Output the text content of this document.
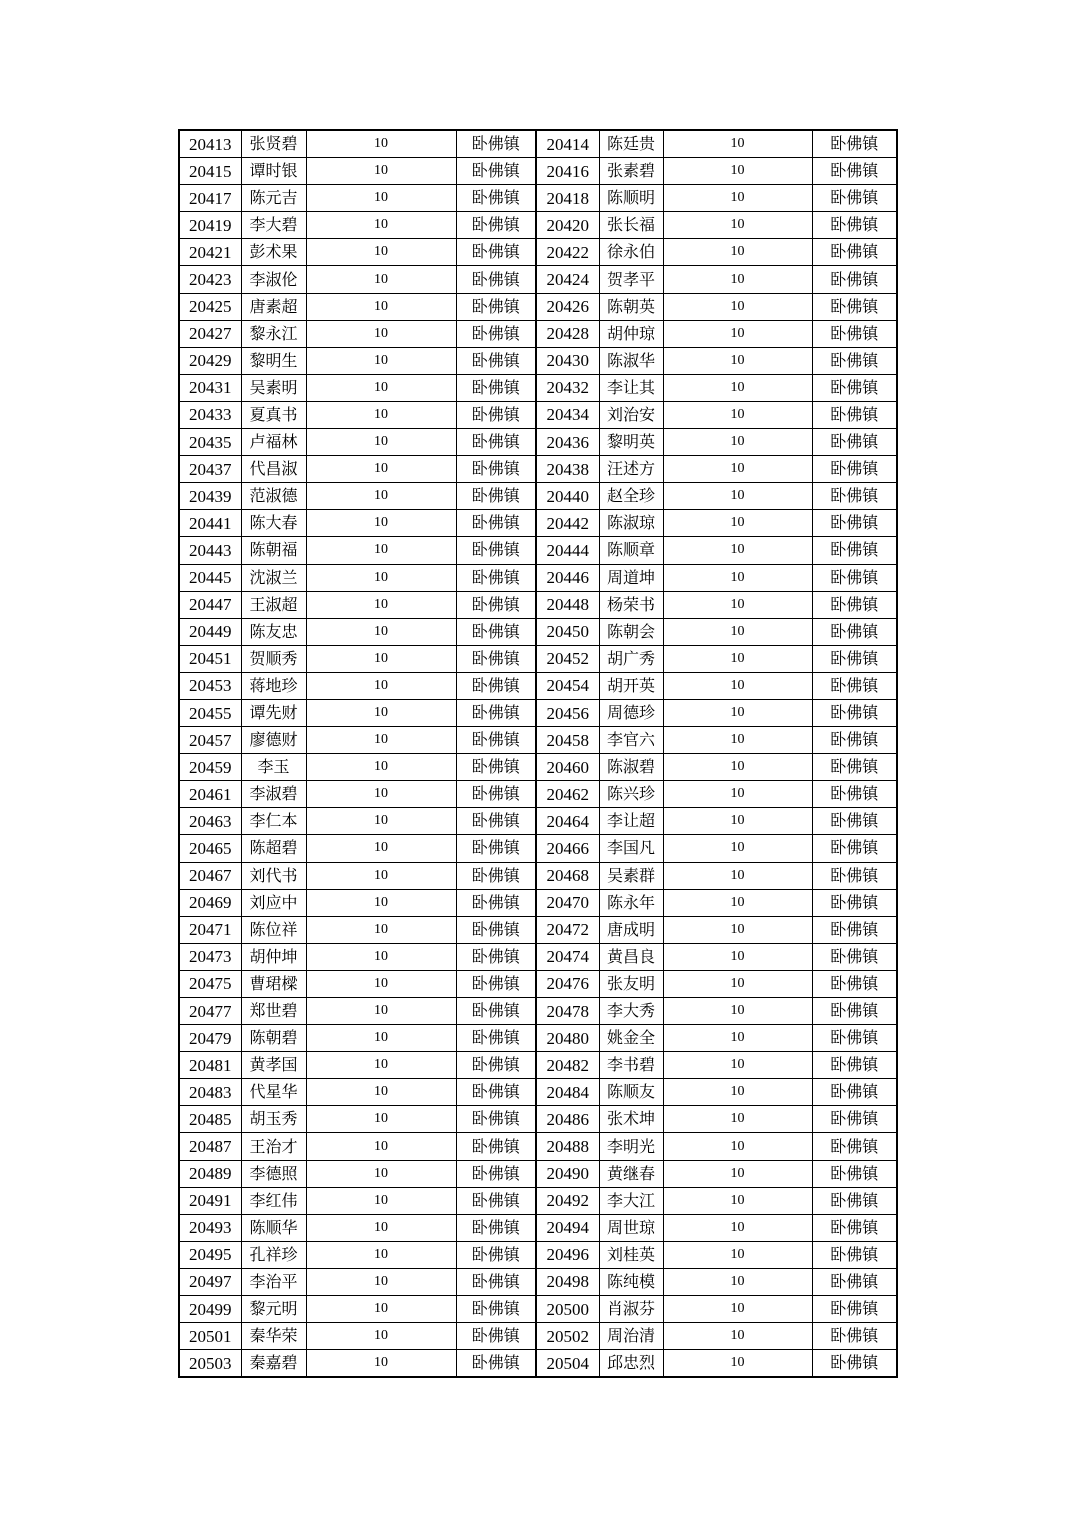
20413	张贤碧	10	卧佛镇	20414	陈廷贵	10	卧佛镇
20415	谭时银	10	卧佛镇	20416	张素碧	10	卧佛镇
20417	陈元吉	10	卧佛镇	20418	陈顺明	10	卧佛镇
20419	李大碧	10	卧佛镇	20420	张长福	10	卧佛镇
20421	彭术果	10	卧佛镇	20422	徐永伯	10	卧佛镇
20423	李淑伦	10	卧佛镇	20424	贺孝平	10	卧佛镇
20425	唐素超	10	卧佛镇	20426	陈朝英	10	卧佛镇
20427	黎永江	10	卧佛镇	20428	胡仲琼	10	卧佛镇
20429	黎明生	10	卧佛镇	20430	陈淑华	10	卧佛镇
20431	吴素明	10	卧佛镇	20432	李让其	10	卧佛镇
20433	夏真书	10	卧佛镇	20434	刘治安	10	卧佛镇
20435	卢福林	10	卧佛镇	20436	黎明英	10	卧佛镇
20437	代昌淑	10	卧佛镇	20438	汪述方	10	卧佛镇
20439	范淑德	10	卧佛镇	20440	赵全珍	10	卧佛镇
20441	陈大春	10	卧佛镇	20442	陈淑琼	10	卧佛镇
20443	陈朝福	10	卧佛镇	20444	陈顺章	10	卧佛镇
20445	沈淑兰	10	卧佛镇	20446	周道坤	10	卧佛镇
20447	王淑超	10	卧佛镇	20448	杨荣书	10	卧佛镇
20449	陈友忠	10	卧佛镇	20450	陈朝会	10	卧佛镇
20451	贺顺秀	10	卧佛镇	20452	胡广秀	10	卧佛镇
20453	蒋地珍	10	卧佛镇	20454	胡开英	10	卧佛镇
20455	谭先财	10	卧佛镇	20456	周德珍	10	卧佛镇
20457	廖德财	10	卧佛镇	20458	李官六	10	卧佛镇
20459	李玉	10	卧佛镇	20460	陈淑碧	10	卧佛镇
20461	李淑碧	10	卧佛镇	20462	陈兴珍	10	卧佛镇
20463	李仁本	10	卧佛镇	20464	李让超	10	卧佛镇
20465	陈超碧	10	卧佛镇	20466	李国凡	10	卧佛镇
20467	刘代书	10	卧佛镇	20468	吴素群	10	卧佛镇
20469	刘应中	10	卧佛镇	20470	陈永年	10	卧佛镇
20471	陈位祥	10	卧佛镇	20472	唐成明	10	卧佛镇
20473	胡仲坤	10	卧佛镇	20474	黄昌良	10	卧佛镇
20475	曹珺樑	10	卧佛镇	20476	张友明	10	卧佛镇
20477	郑世碧	10	卧佛镇	20478	李大秀	10	卧佛镇
20479	陈朝碧	10	卧佛镇	20480	姚金全	10	卧佛镇
20481	黄孝国	10	卧佛镇	20482	李书碧	10	卧佛镇
20483	代星华	10	卧佛镇	20484	陈顺友	10	卧佛镇
20485	胡玉秀	10	卧佛镇	20486	张术坤	10	卧佛镇
20487	王治才	10	卧佛镇	20488	李明光	10	卧佛镇
20489	李德照	10	卧佛镇	20490	黄继春	10	卧佛镇
20491	李红伟	10	卧佛镇	20492	李大江	10	卧佛镇
20493	陈顺华	10	卧佛镇	20494	周世琼	10	卧佛镇
20495	孔祥珍	10	卧佛镇	20496	刘桂英	10	卧佛镇
20497	李治平	10	卧佛镇	20498	陈纯模	10	卧佛镇
20499	黎元明	10	卧佛镇	20500	肖淑芬	10	卧佛镇
20501	秦华荣	10	卧佛镇	20502	周治清	10	卧佛镇
20503	秦嘉碧	10	卧佛镇	20504	邱忠烈	10	卧佛镇
